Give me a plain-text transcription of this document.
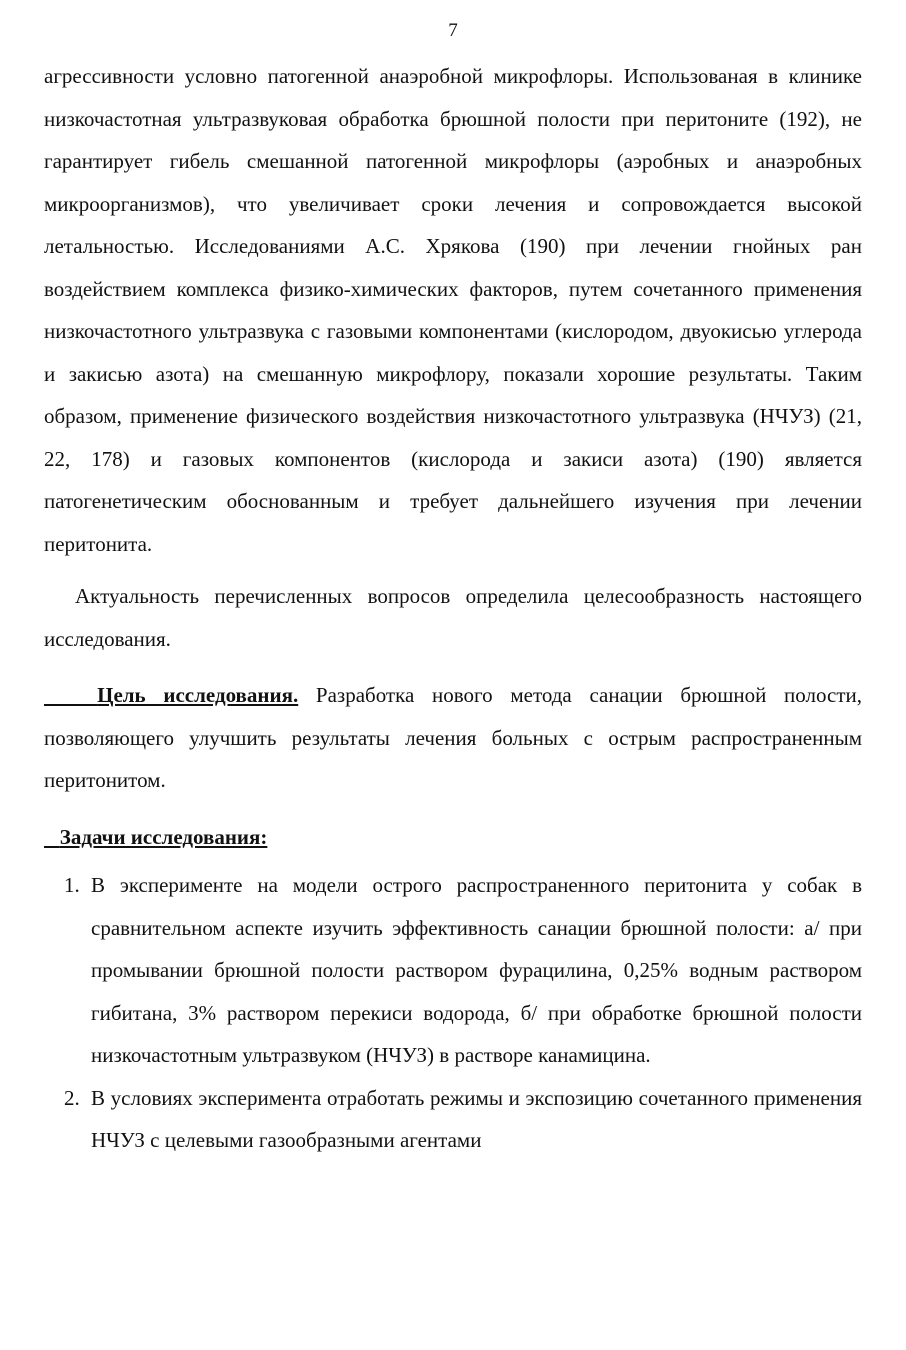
7

агрессивности условно патогенной анаэробной микрофлоры. Использованая в клинике низкочастотная ультразвуковая обработка брюшной полости при перитоните (192), не гарантирует гибель смешанной патогенной микрофлоры (аэробных и анаэробных микроорганизмов), что увеличивает сроки лечения и сопровождается высокой летальностью. Исследованиями А.С. Хрякова (190) при лечении гнойных ран воздействием комплекса физико-химических факторов, путем сочетанного применения низкочастотного ультразвука с газовыми компонентами (кислородом, двуокисью углерода и закисью азота) на смешанную микрофлору, показали хорошие результаты. Таким образом, применение физического воздействия низкочастотного ультразвука (НЧУЗ) (21, 22, 178) и газовых компонентов (кислорода и закиси азота) (190) является патогенетическим обоснованным и требует дальнейшего изучения при лечении перитонита.

Актуальность перечисленных вопросов определила целесообразность настоящего исследования.

Цель исследования. Разработка нового метода санации брюшной полости, позволяющего улучшить результаты лечения больных с острым распространенным перитонитом.

Задачи исследования:

1. В эксперименте на модели острого распространенного перитонита у собак в сравнительном аспекте изучить эффективность санации брюшной полости: а/ при промывании брюшной полости раствором фурацилина, 0,25% водным раствором гибитана, 3% раствором перекиси водорода, б/ при обработке брюшной полости низкочастотным ультразвуком (НЧУЗ) в растворе канамицина.
2. В условиях эксперимента отработать режимы и экспозицию сочетанного применения НЧУЗ с целевыми газообразными агентами
